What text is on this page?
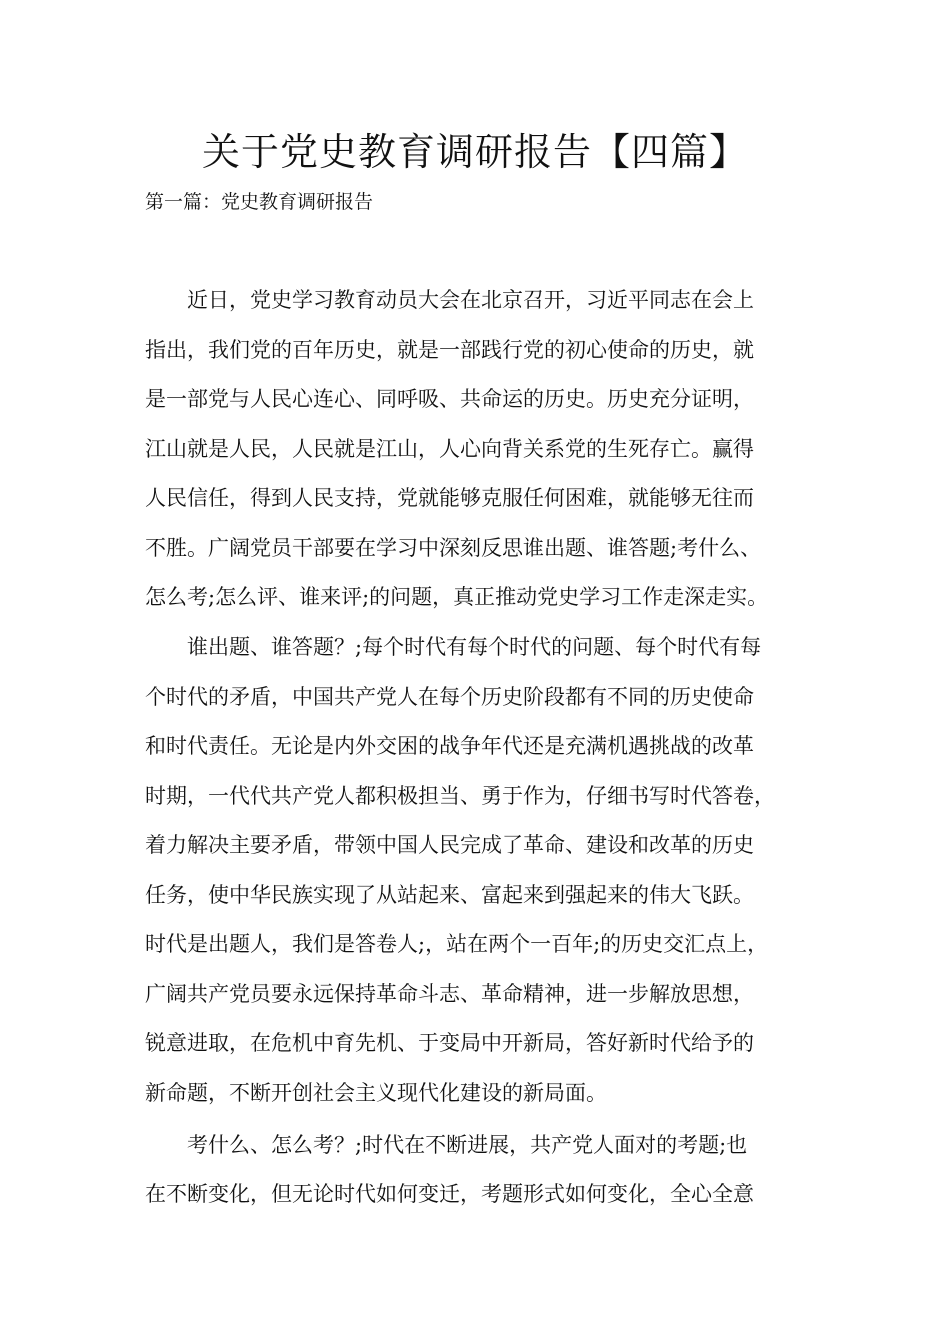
关于党史教育调研报告【四篇】

第一篇：党史教育调研报告

　　近日，党史学习教育动员大会在北京召开，习近平同志在会上

指出，我们党的百年历史，就是一部践行党的初心使命的历史，就

是一部党与人民心连心、同呼吸、共命运的历史。历史充分证明，

江山就是人民，人民就是江山，人心向背关系党的生死存亡。赢得

人民信任，得到人民支持，党就能够克服任何困难，就能够无往而

不胜。广阔党员干部要在学习中深刻反思谁出题、谁答题;考什么、

怎么考;怎么评、谁来评;的问题，真正推动党史学习工作走深走实。

　　谁出题、谁答题？;每个时代有每个时代的问题、每个时代有每

个时代的矛盾，中国共产党人在每个历史阶段都有不同的历史使命

和时代责任。无论是内外交困的战争年代还是充满机遇挑战的改革

时期，一代代共产党人都积极担当、勇于作为，仔细书写时代答卷，

着力解决主要矛盾，带领中国人民完成了革命、建设和改革的历史

任务，使中华民族实现了从站起来、富起来到强起来的伟大飞跃。

时代是出题人，我们是答卷人;，站在两个一百年;的历史交汇点上，

广阔共产党员要永远保持革命斗志、革命精神，进一步解放思想，

锐意进取，在危机中育先机、于变局中开新局，答好新时代给予的

新命题，不断开创社会主义现代化建设的新局面。

　　考什么、怎么考？;时代在不断进展，共产党人面对的考题;也

在不断变化，但无论时代如何变迁，考题形式如何变化，全心全意
